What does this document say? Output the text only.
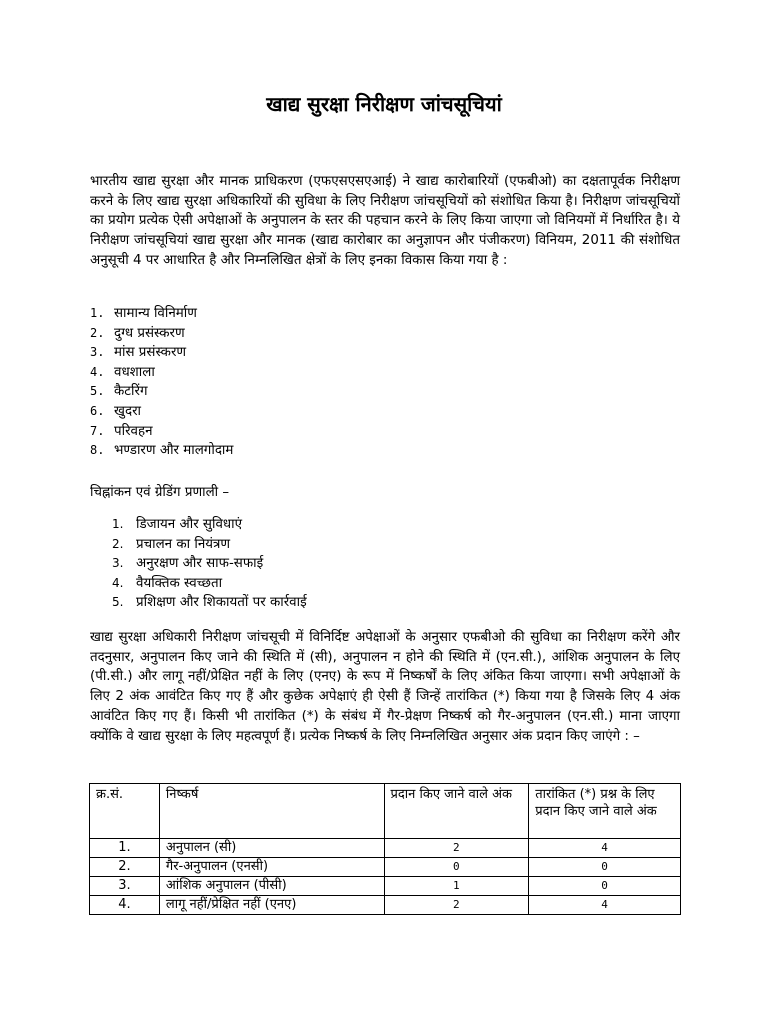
खाद्य सुरक्षा निरीक्षण जांचसूचियां
भारतीय खाद्य सुरक्षा और मानक प्राधिकरण (एफएसएसएआई) ने खाद्य कारोबारियों (एफबीओ) का दक्षतापूर्वक निरीक्षण करने के लिए खाद्य सुरक्षा अधिकारियों की सुविधा के लिए निरीक्षण जांचसूचियों को संशोधित किया है। निरीक्षण जांचसूचियों का प्रयोग प्रत्येक ऐसी अपेक्षाओं के अनुपालन के स्तर की पहचान करने के लिए किया जाएगा जो विनियमों में निर्धारित है। ये निरीक्षण जांचसूचियां खाद्य सुरक्षा और मानक (खाद्य कारोबार का अनुज्ञापन और पंजीकरण) विनियम, 2011 की संशोधित अनुसूची 4 पर आधारित है और निम्नलिखित क्षेत्रों के लिए इनका विकास किया गया है :
1. सामान्य विनिर्माण
2. दुग्ध प्रसंस्करण
3. मांस प्रसंस्करण
4. वधशाला
5. कैटरिंग
6. खुदरा
7. परिवहन
8. भण्डारण और मालगोदाम
चिह्नांकन एवं ग्रेडिंग प्रणाली –
1. डिजायन और सुविधाएं
2. प्रचालन का नियंत्रण
3. अनुरक्षण और साफ-सफाई
4. वैयक्तिक स्वच्छता
5. प्रशिक्षण और शिकायतों पर कार्रवाई
खाद्य सुरक्षा अधिकारी निरीक्षण जांचसूची में विनिर्दिष्ट अपेक्षाओं के अनुसार एफबीओ की सुविधा का निरीक्षण करेंगे और तदनुसार, अनुपालन किए जाने की स्थिति में (सी), अनुपालन न होने की स्थिति में (एन.सी.), आंशिक अनुपालन के लिए (पी.सी.) और लागू नहीं/प्रेक्षित नहीं के लिए (एनए) के रूप में निष्कर्षों के लिए अंकित किया जाएगा। सभी अपेक्षाओं के लिए 2 अंक आवंटित किए गए हैं और कुछेक अपेक्षाएं ही ऐसी हैं जिन्हें तारांकित (*) किया गया है जिसके लिए 4 अंक आवंटित किए गए हैं। किसी भी तारांकित (*) के संबंध में गैर-प्रेक्षण निष्कर्ष को गैर-अनुपालन (एन.सी.) माना जाएगा क्योंकि वे खाद्य सुरक्षा के लिए महत्वपूर्ण हैं। प्रत्येक निष्कर्ष के लिए निम्नलिखित अनुसार अंक प्रदान किए जाएंगे : –
क्र.सं.	निष्कर्ष	प्रदान किए जाने वाले अंक	तारांकित (*) प्रश्न के लिए प्रदान किए जाने वाले अंक
1.	अनुपालन (सी)	2	4
2.	गैर-अनुपालन (एनसी)	0	0
3.	आंशिक अनुपालन (पीसी)	1	0
4.	लागू नहीं/प्रेक्षित नहीं (एनए)	2	4
